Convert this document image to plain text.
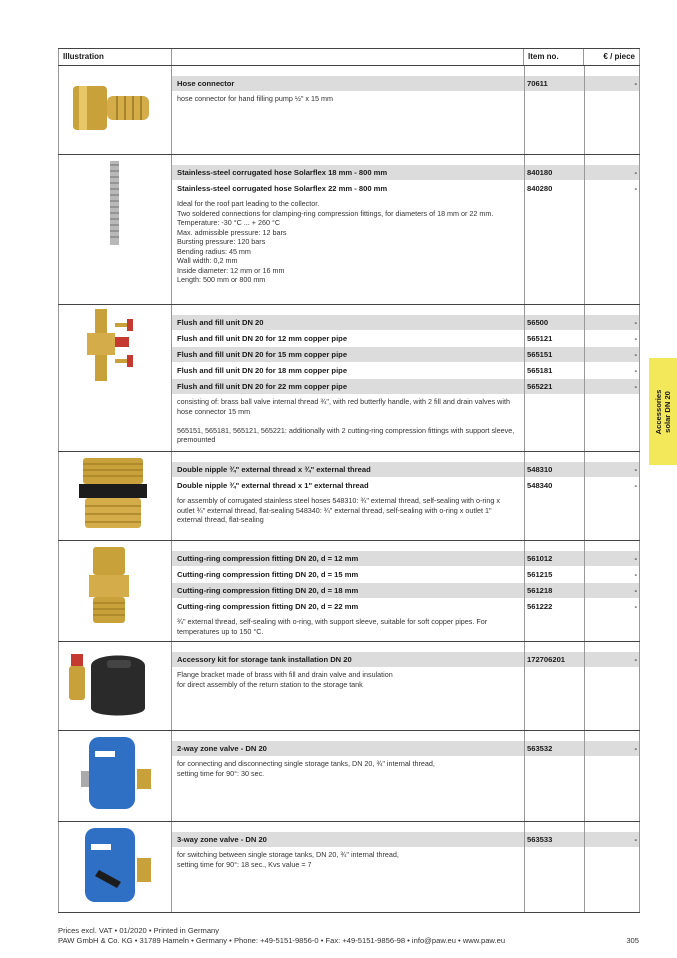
Illustration	Item no.	€ / piece
Hose connector	70611	-
hose connector for hand filling pump ½" x 15 mm
Stainless-steel corrugated hose Solarflex 18 mm - 800 mm	840180	-
Stainless-steel corrugated hose Solarflex 22 mm - 800 mm	840280	-
Ideal for the roof part leading to the collector.
Two soldered connections for clamping-ring compression fittings, for diameters of 18 mm or 22 mm.
Temperature: -30 °C ... + 260 °C
Max. admissible pressure: 12 bars
Bursting pressure: 120 bars
Bending radius: 45 mm
Wall width: 0,2 mm
Inside diameter: 12 mm or 16 mm
Length: 500 mm or 800 mm
Flush and fill unit DN 20	56500	-
Flush and fill unit DN 20 for 12 mm copper pipe	565121	-
Flush and fill unit DN 20 for 15 mm copper pipe	565151	-
Flush and fill unit DN 20 for 18 mm copper pipe	565181	-
Flush and fill unit DN 20 for 22 mm copper pipe	565221	-
consisting of: brass ball valve internal thread ¾", with red butterfly handle, with 2 fill and drain valves with hose connector 15 mm

565151, 565181, 565121, 565221: additionally with 2 cutting-ring compression fittings with support sleeve, premounted
Double nipple ¾" external thread x ¾" external thread	548310	-
Double nipple ¾" external thread x 1" external thread	548340	-
for assembly of corrugated stainless steel hoses 548310: ¾" external thread, self-sealing with o-ring x outlet ¾" external thread, flat-sealing 548340: ¾" external thread, self-sealing with o-ring x outlet 1" external thread, flat-sealing
Cutting-ring compression fitting DN 20, d = 12 mm	561012	-
Cutting-ring compression fitting DN 20, d = 15 mm	561215	-
Cutting-ring compression fitting DN 20, d = 18 mm	561218	-
Cutting-ring compression fitting DN 20, d = 22 mm	561222	-
¾" external thread, self-sealing with o-ring, with support sleeve, suitable for soft copper pipes. For temperatures up to 150 °C.
Accessory kit for storage tank installation DN 20	172706201	-
Flange bracket made of brass with fill and drain valve and insulation
for direct assembly of the return station to the storage tank
2-way zone valve - DN 20	563532	-
for connecting and disconnecting single storage tanks, DN 20, ¾" internal thread,
setting time for 90°: 30 sec.
3-way zone valve - DN 20	563533	-
for switching between single storage tanks, DN 20, ¾" internal thread,
setting time for 90°: 18 sec., Kvs value = 7
Accessories
solar DN 20
Prices excl. VAT • 01/2020 • Printed in Germany
PAW GmbH & Co. KG • 31789 Hameln • Germany • Phone: +49-5151-9856-0 • Fax: +49-5151-9856-98 • info@paw.eu • www.paw.eu	305
